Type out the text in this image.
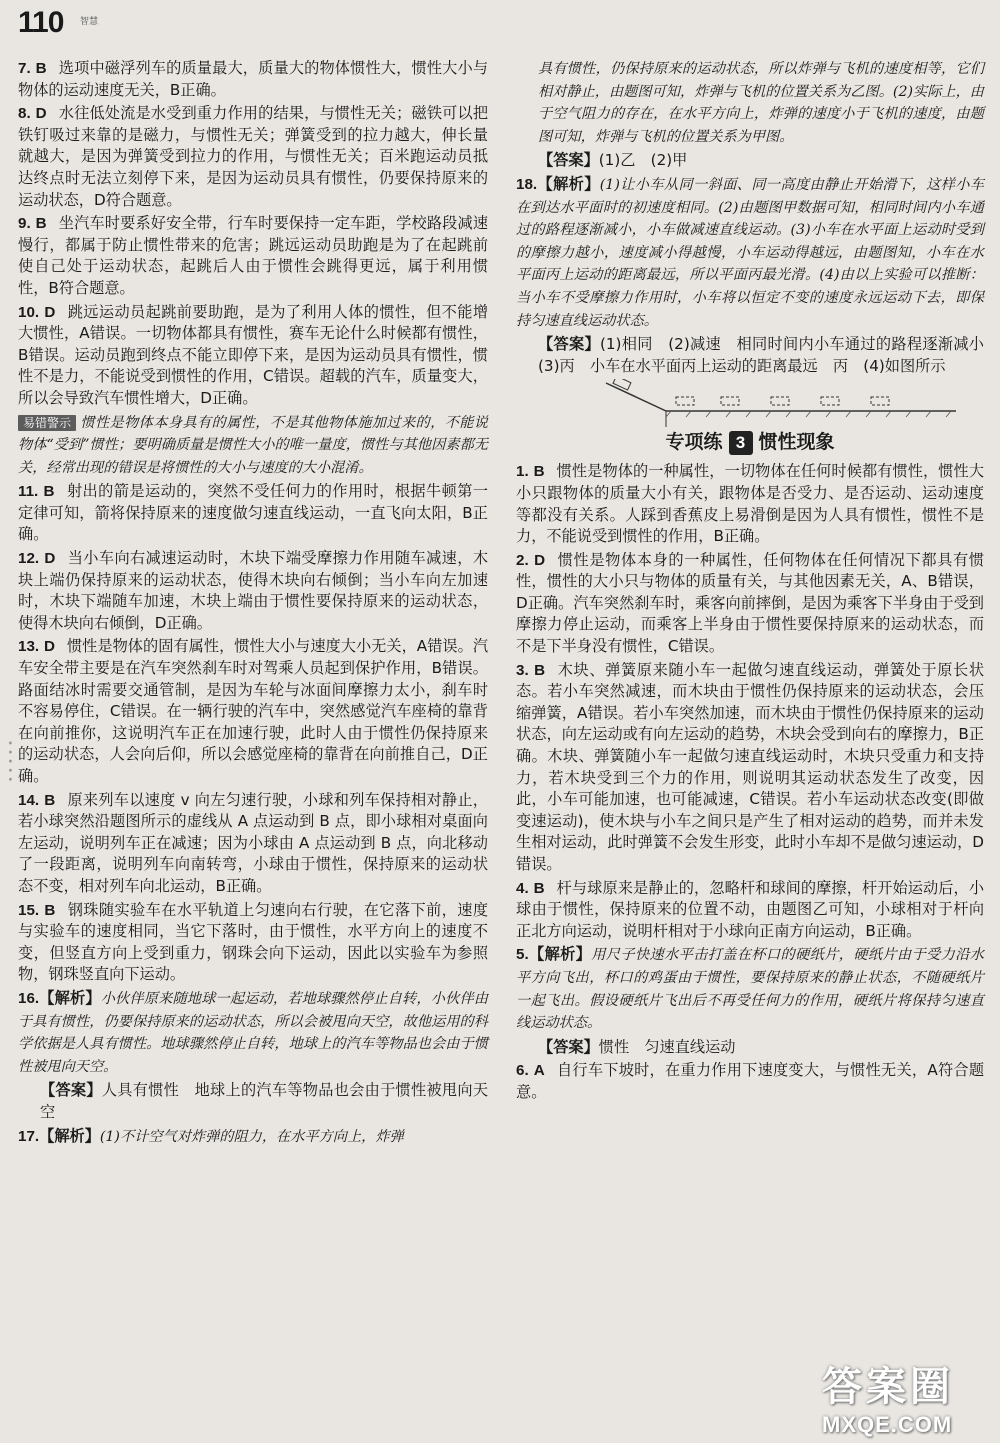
110 智慧
• • • • •
7. B 选项中磁浮列车的质量最大，质量大的物体惯性大，惯性大小与物体的运动速度无关，B正确。
8. D 水往低处流是水受到重力作用的结果，与惯性无关；磁铁可以把铁钉吸过来靠的是磁力，与惯性无关；弹簧受到的拉力越大，伸长量就越大，是因为弹簧受到拉力的作用，与惯性无关；百米跑运动员抵达终点时无法立刻停下来，是因为运动员具有惯性，仍要保持原来的运动状态，D符合题意。
9. B 坐汽车时要系好安全带，行车时要保持一定车距，学校路段减速慢行，都属于防止惯性带来的危害；跳远运动员助跑是为了在起跳前使自己处于运动状态，起跳后人由于惯性会跳得更远，属于利用惯性，B符合题意。
10. D 跳远运动员起跳前要助跑，是为了利用人体的惯性，但不能增大惯性，A错误。一切物体都具有惯性，赛车无论什么时候都有惯性，B错误。运动员跑到终点不能立即停下来，是因为运动员具有惯性，惯性不是力，不能说受到惯性的作用，C错误。超载的汽车，质量变大，所以会导致汽车惯性增大，D正确。
易错警示 惯性是物体本身具有的属性，不是其他物体施加过来的，不能说物体“受到”惯性；要明确质量是惯性大小的唯一量度，惯性与其他因素都无关，经常出现的错误是将惯性的大小与速度的大小混淆。
11. B 射出的箭是运动的，突然不受任何力的作用时，根据牛顿第一定律可知，箭将保持原来的速度做匀速直线运动，一直飞向太阳，B正确。
12. D 当小车向右减速运动时，木块下端受摩擦力作用随车减速，木块上端仍保持原来的运动状态，使得木块向右倾倒；当小车向左加速时，木块下端随车加速，木块上端由于惯性要保持原来的运动状态，使得木块向右倾倒，D正确。
13. D 惯性是物体的固有属性，惯性大小与速度大小无关，A错误。汽车安全带主要是在汽车突然刹车时对驾乘人员起到保护作用，B错误。路面结冰时需要交通管制，是因为车轮与冰面间摩擦力太小，刹车时不容易停住，C错误。在一辆行驶的汽车中，突然感觉汽车座椅的靠背在向前推你，这说明汽车正在加速行驶，此时人由于惯性仍保持原来的运动状态，人会向后仰，所以会感觉座椅的靠背在向前推自己，D正确。
14. B 原来列车以速度 v 向左匀速行驶，小球和列车保持相对静止，若小球突然沿题图所示的虚线从 A 点运动到 B 点，即小球相对桌面向左运动，说明列车正在减速；因为小球由 A 点运动到 B 点，向北移动了一段距离，说明列车向南转弯，小球由于惯性，保持原来的运动状态不变，相对列车向北运动，B正确。
15. B 钢珠随实验车在水平轨道上匀速向右行驶，在它落下前，速度与实验车的速度相同，当它下落时，由于惯性，水平方向上的速度不变，但竖直方向上受到重力，钢珠会向下运动，因此以实验车为参照物，钢珠竖直向下运动。
16.【解析】小伙伴原来随地球一起运动，若地球骤然停止自转，小伙伴由于具有惯性，仍要保持原来的运动状态，所以会被甩向天空，故他运用的科学依据是人具有惯性。地球骤然停止自转，地球上的汽车等物品也会由于惯性被甩向天空。
【答案】人具有惯性　地球上的汽车等物品也会由于惯性被甩向天空
17.【解析】(1)不计空气对炸弹的阻力，在水平方向上，炸弹
具有惯性，仍保持原来的运动状态，所以炸弹与飞机的速度相等，它们相对静止，由题图可知，炸弹与飞机的位置关系为乙图。(2)实际上，由于空气阻力的存在，在水平方向上，炸弹的速度小于飞机的速度，由题图可知，炸弹与飞机的位置关系为甲图。
【答案】(1)乙　(2)甲
18.【解析】(1)让小车从同一斜面、同一高度由静止开始滑下，这样小车在到达水平面时的初速度相同。(2)由题图甲数据可知，相同时间内小车通过的路程逐渐减小，小车做减速直线运动。(3)小车在水平面上运动时受到的摩擦力越小，速度减小得越慢，小车运动得越远，由题图知，小车在水平面丙上运动的距离最远，所以平面丙最光滑。(4)由以上实验可以推断：当小车不受摩擦力作用时，小车将以恒定不变的速度永远运动下去，即保持匀速直线运动状态。
【答案】(1)相同　(2)减速　相同时间内小车通过的路程逐渐减小　(3)丙　小车在水平面丙上运动的距离最远　丙　(4)如图所示
专项练 3 惯性现象
1. B 惯性是物体的一种属性，一切物体在任何时候都有惯性，惯性大小只跟物体的质量大小有关，跟物体是否受力、是否运动、运动速度等都没有关系。人踩到香蕉皮上易滑倒是因为人具有惯性，惯性不是力，不能说受到惯性的作用，B正确。
2. D 惯性是物体本身的一种属性，任何物体在任何情况下都具有惯性，惯性的大小只与物体的质量有关，与其他因素无关，A、B错误，D正确。汽车突然刹车时，乘客向前摔倒，是因为乘客下半身由于受到摩擦力停止运动，而乘客上半身由于惯性要保持原来的运动状态，而不是下半身没有惯性，C错误。
3. B 木块、弹簧原来随小车一起做匀速直线运动，弹簧处于原长状态。若小车突然减速，而木块由于惯性仍保持原来的运动状态，会压缩弹簧，A错误。若小车突然加速，而木块由于惯性仍保持原来的运动状态，向左运动或有向左运动的趋势，木块会受到向右的摩擦力，B正确。木块、弹簧随小车一起做匀速直线运动时，木块只受重力和支持力，若木块受到三个力的作用，则说明其运动状态发生了改变，因此，小车可能加速，也可能减速，C错误。若小车运动状态改变(即做变速运动)，使木块与小车之间只是产生了相对运动的趋势，而并未发生相对运动，此时弹簧不会发生形变，此时小车却不是做匀速运动，D错误。
4. B 杆与球原来是静止的，忽略杆和球间的摩擦，杆开始运动后，小球由于惯性，保持原来的位置不动，由题图乙可知，小球相对于杆向正北方向运动，说明杆相对于小球向正南方向运动，B正确。
5.【解析】用尺子快速水平击打盖在杯口的硬纸片，硬纸片由于受力沿水平方向飞出，杯口的鸡蛋由于惯性，要保持原来的静止状态，不随硬纸片一起飞出。假设硬纸片飞出后不再受任何力的作用，硬纸片将保持匀速直线运动状态。
【答案】惯性　匀速直线运动
6. A 自行车下坡时，在重力作用下速度变大，与惯性无关，A符合题意。
答案圈
MXQE.COM
